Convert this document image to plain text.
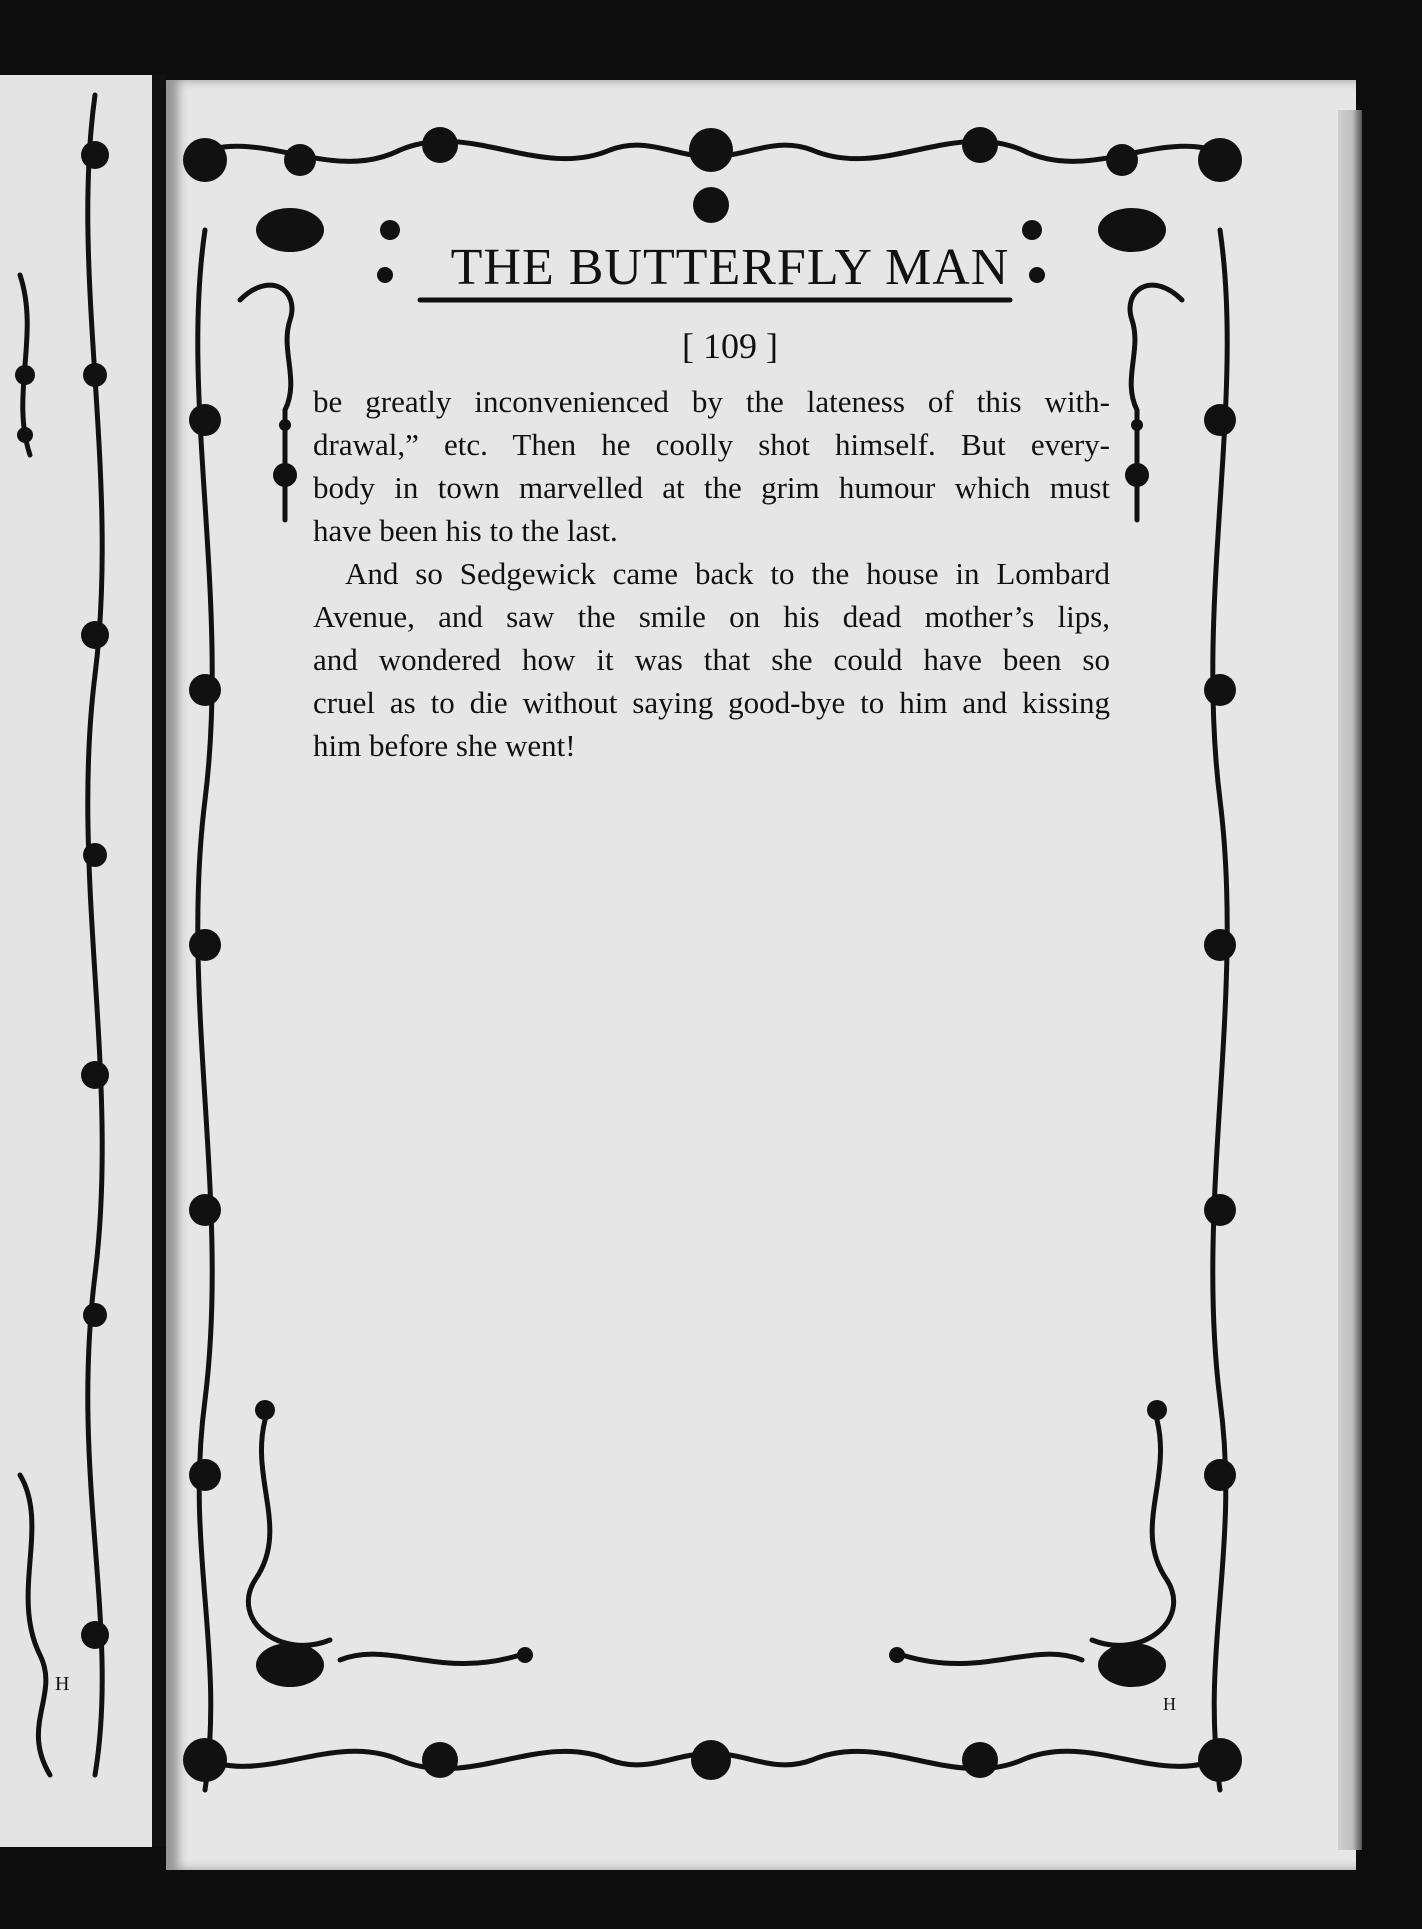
H
H
THE BUTTERFLY MAN
[ 109 ]
be greatly inconvenienced by the lateness of this with-
drawal,” etc. Then he coolly shot himself. But every-
body in town marvelled at the grim humour which must
have been his to the last.
And so Sedgewick came back to the house in Lombard
Avenue, and saw the smile on his dead mother’s lips,
and wondered how it was that she could have been so
cruel as to die without saying good-bye to him and kissing
him before she went!
